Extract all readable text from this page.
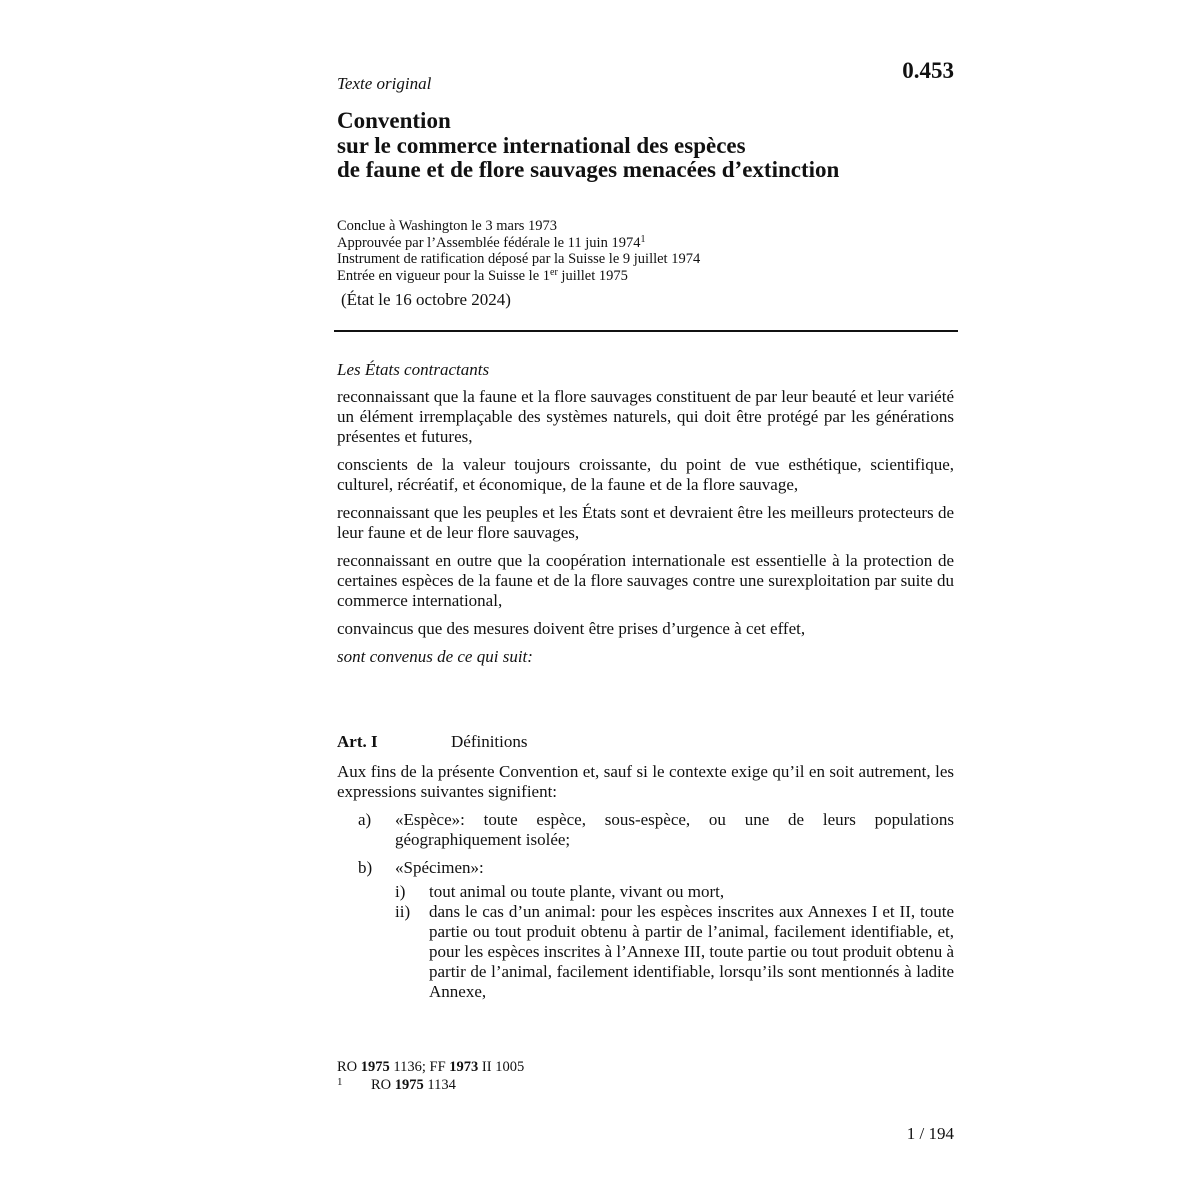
0.453
Texte original
Convention
sur le commerce international des espèces
de faune et de flore sauvages menacées d’extinction
Conclue à Washington le 3 mars 1973
Approuvée par l’Assemblée fédérale le 11 juin 1974$^1$
Instrument de ratification déposé par la Suisse le 9 juillet 1974
Entrée en vigueur pour la Suisse le 1er juillet 1975
(État le 16 octobre 2024)
Les États contractants
reconnaissant que la faune et la flore sauvages constituent de par leur beauté et leur variété un élément irremplaçable des systèmes naturels, qui doit être protégé par les générations présentes et futures,
conscients de la valeur toujours croissante, du point de vue esthétique, scientifique, culturel, récréatif, et économique, de la faune et de la flore sauvage,
reconnaissant que les peuples et les États sont et devraient être les meilleurs protecteurs de leur faune et de leur flore sauvages,
reconnaissant en outre que la coopération internationale est essentielle à la protection de certaines espèces de la faune et de la flore sauvages contre une surexploitation par suite du commerce international,
convaincus que des mesures doivent être prises d’urgence à cet effet,
sont convenus de ce qui suit:
Art. I	Définitions
Aux fins de la présente Convention et, sauf si le contexte exige qu’il en soit autrement, les expressions suivantes signifient:
a) «Espèce»: toute espèce, sous-espèce, ou une de leurs populations géographiquement isolée;
b) «Spécimen»:
i) tout animal ou toute plante, vivant ou mort,
ii) dans le cas d’un animal: pour les espèces inscrites aux Annexes I et II, toute partie ou tout produit obtenu à partir de l’animal, facilement identifiable, et, pour les espèces inscrites à l’Annexe III, toute partie ou tout produit obtenu à partir de l’animal, facilement identifiable, lorsqu’ils sont mentionnés à ladite Annexe,
RO 1975 1136; FF 1973 II 1005
1 RO 1975 1134
1 / 194
